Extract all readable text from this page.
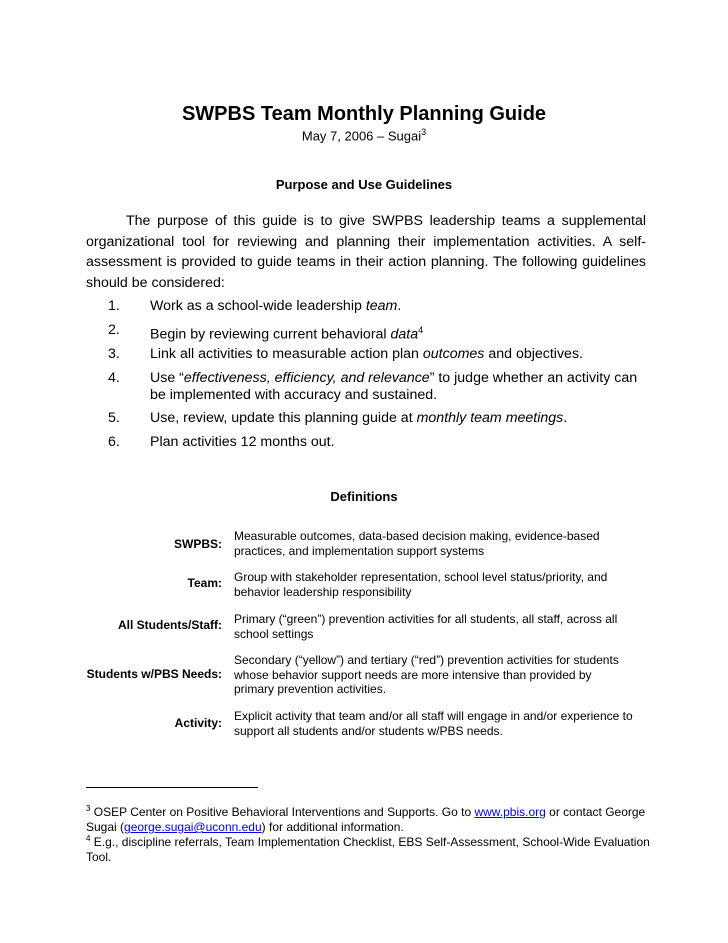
SWPBS Team Monthly Planning Guide
May 7, 2006 – Sugai$^3$
Purpose and Use Guidelines
The purpose of this guide is to give SWPBS leadership teams a supplemental organizational tool for reviewing and planning their implementation activities. A self-assessment is provided to guide teams in their action planning. The following guidelines should be considered:
1. Work as a school-wide leadership team.
2. Begin by reviewing current behavioral data$^4$
3. Link all activities to measurable action plan outcomes and objectives.
4. Use “effectiveness, efficiency, and relevance” to judge whether an activity can be implemented with accuracy and sustained.
5. Use, review, update this planning guide at monthly team meetings.
6. Plan activities 12 months out.
Definitions
SWPBS:
Measurable outcomes, data-based decision making, evidence-based practices, and implementation support systems
Team: Group with stakeholder representation, school level status/priority, and behavior leadership responsibility
All Students/Staff: Primary (“green”) prevention activities for all students, all staff, across all school settings
Students w/PBS Needs:
Secondary (“yellow”) and tertiary (“red”) prevention activities for students whose behavior support needs are more intensive than provided by primary prevention activities.
Activity: Explicit activity that team and/or all staff will engage in and/or experience to support all students and/or students w/PBS needs.
$^3$ OSEP Center on Positive Behavioral Interventions and Supports. Go to www.pbis.org or contact George Sugai (george.sugai@uconn.edu) for additional information.
$^4$ E.g., discipline referrals, Team Implementation Checklist, EBS Self-Assessment, School-Wide Evaluation Tool.
